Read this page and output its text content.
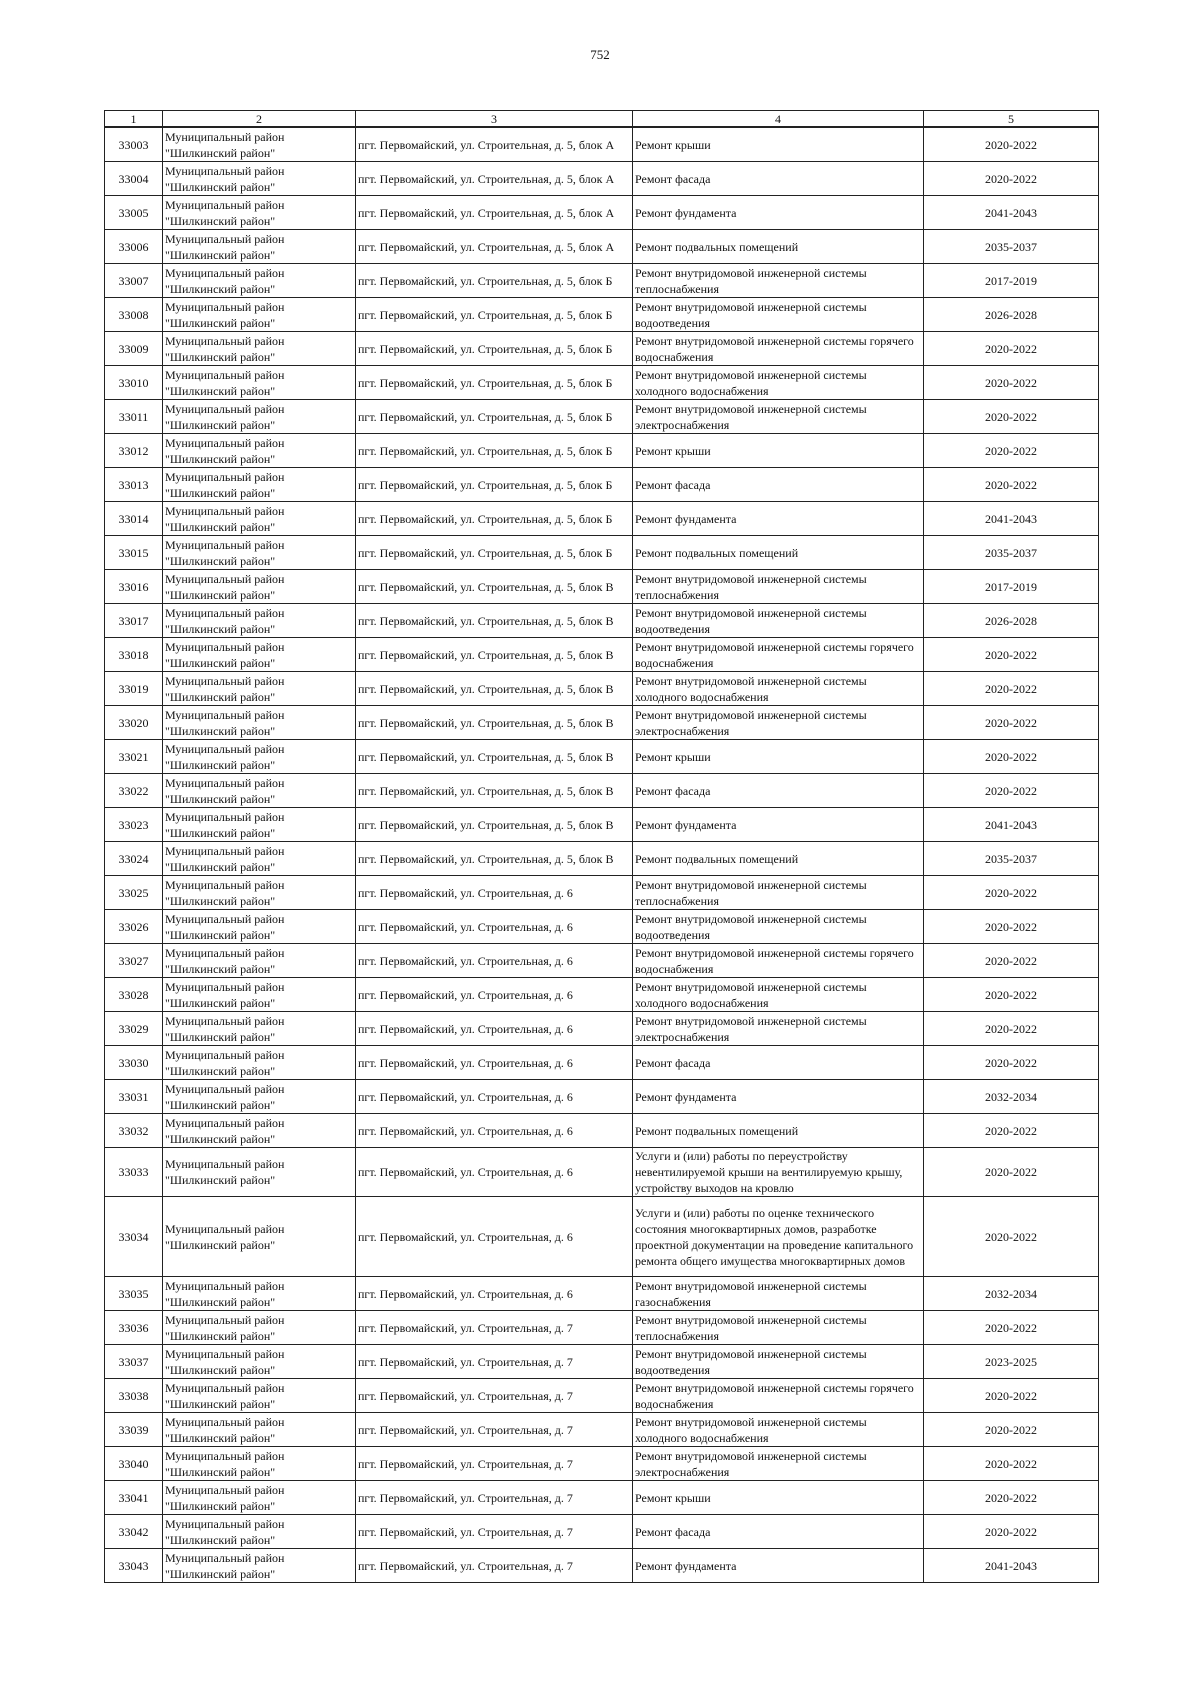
752
1	2	3	4	5
33003	Муниципальный район "Шилкинский район"	пгт. Первомайский, ул. Строительная, д. 5, блок А	Ремонт крыши	2020-2022
33004	Муниципальный район "Шилкинский район"	пгт. Первомайский, ул. Строительная, д. 5, блок А	Ремонт фасада	2020-2022
33005	Муниципальный район "Шилкинский район"	пгт. Первомайский, ул. Строительная, д. 5, блок А	Ремонт фундамента	2041-2043
33006	Муниципальный район "Шилкинский район"	пгт. Первомайский, ул. Строительная, д. 5, блок А	Ремонт подвальных помещений	2035-2037
33007	Муниципальный район "Шилкинский район"	пгт. Первомайский, ул. Строительная, д. 5, блок Б	Ремонт внутридомовой инженерной системы теплоснабжения	2017-2019
33008	Муниципальный район "Шилкинский район"	пгт. Первомайский, ул. Строительная, д. 5, блок Б	Ремонт внутридомовой инженерной системы водоотведения	2026-2028
33009	Муниципальный район "Шилкинский район"	пгт. Первомайский, ул. Строительная, д. 5, блок Б	Ремонт внутридомовой инженерной системы горячего водоснабжения	2020-2022
33010	Муниципальный район "Шилкинский район"	пгт. Первомайский, ул. Строительная, д. 5, блок Б	Ремонт внутридомовой инженерной системы холодного водоснабжения	2020-2022
33011	Муниципальный район "Шилкинский район"	пгт. Первомайский, ул. Строительная, д. 5, блок Б	Ремонт внутридомовой инженерной системы электроснабжения	2020-2022
33012	Муниципальный район "Шилкинский район"	пгт. Первомайский, ул. Строительная, д. 5, блок Б	Ремонт крыши	2020-2022
33013	Муниципальный район "Шилкинский район"	пгт. Первомайский, ул. Строительная, д. 5, блок Б	Ремонт фасада	2020-2022
33014	Муниципальный район "Шилкинский район"	пгт. Первомайский, ул. Строительная, д. 5, блок Б	Ремонт фундамента	2041-2043
33015	Муниципальный район "Шилкинский район"	пгт. Первомайский, ул. Строительная, д. 5, блок Б	Ремонт подвальных помещений	2035-2037
33016	Муниципальный район "Шилкинский район"	пгт. Первомайский, ул. Строительная, д. 5, блок В	Ремонт внутридомовой инженерной системы теплоснабжения	2017-2019
33017	Муниципальный район "Шилкинский район"	пгт. Первомайский, ул. Строительная, д. 5, блок В	Ремонт внутридомовой инженерной системы водоотведения	2026-2028
33018	Муниципальный район "Шилкинский район"	пгт. Первомайский, ул. Строительная, д. 5, блок В	Ремонт внутридомовой инженерной системы горячего водоснабжения	2020-2022
33019	Муниципальный район "Шилкинский район"	пгт. Первомайский, ул. Строительная, д. 5, блок В	Ремонт внутридомовой инженерной системы холодного водоснабжения	2020-2022
33020	Муниципальный район "Шилкинский район"	пгт. Первомайский, ул. Строительная, д. 5, блок В	Ремонт внутридомовой инженерной системы электроснабжения	2020-2022
33021	Муниципальный район "Шилкинский район"	пгт. Первомайский, ул. Строительная, д. 5, блок В	Ремонт крыши	2020-2022
33022	Муниципальный район "Шилкинский район"	пгт. Первомайский, ул. Строительная, д. 5, блок В	Ремонт фасада	2020-2022
33023	Муниципальный район "Шилкинский район"	пгт. Первомайский, ул. Строительная, д. 5, блок В	Ремонт фундамента	2041-2043
33024	Муниципальный район "Шилкинский район"	пгт. Первомайский, ул. Строительная, д. 5, блок В	Ремонт подвальных помещений	2035-2037
33025	Муниципальный район "Шилкинский район"	пгт. Первомайский, ул. Строительная, д. 6	Ремонт внутридомовой инженерной системы теплоснабжения	2020-2022
33026	Муниципальный район "Шилкинский район"	пгт. Первомайский, ул. Строительная, д. 6	Ремонт внутридомовой инженерной системы водоотведения	2020-2022
33027	Муниципальный район "Шилкинский район"	пгт. Первомайский, ул. Строительная, д. 6	Ремонт внутридомовой инженерной системы горячего водоснабжения	2020-2022
33028	Муниципальный район "Шилкинский район"	пгт. Первомайский, ул. Строительная, д. 6	Ремонт внутридомовой инженерной системы холодного водоснабжения	2020-2022
33029	Муниципальный район "Шилкинский район"	пгт. Первомайский, ул. Строительная, д. 6	Ремонт внутридомовой инженерной системы электроснабжения	2020-2022
33030	Муниципальный район "Шилкинский район"	пгт. Первомайский, ул. Строительная, д. 6	Ремонт фасада	2020-2022
33031	Муниципальный район "Шилкинский район"	пгт. Первомайский, ул. Строительная, д. 6	Ремонт фундамента	2032-2034
33032	Муниципальный район "Шилкинский район"	пгт. Первомайский, ул. Строительная, д. 6	Ремонт подвальных помещений	2020-2022
33033	Муниципальный район "Шилкинский район"	пгт. Первомайский, ул. Строительная, д. 6	Услуги и (или) работы по переустройству невентилируемой крыши на вентилируемую крышу, устройству выходов на кровлю	2020-2022
33034	Муниципальный район "Шилкинский район"	пгт. Первомайский, ул. Строительная, д. 6	Услуги и (или) работы по оценке технического состояния многоквартирных домов, разработке проектной документации на проведение капитального ремонта общего имущества многоквартирных домов	2020-2022
33035	Муниципальный район "Шилкинский район"	пгт. Первомайский, ул. Строительная, д. 6	Ремонт внутридомовой инженерной системы газоснабжения	2032-2034
33036	Муниципальный район "Шилкинский район"	пгт. Первомайский, ул. Строительная, д. 7	Ремонт внутридомовой инженерной системы теплоснабжения	2020-2022
33037	Муниципальный район "Шилкинский район"	пгт. Первомайский, ул. Строительная, д. 7	Ремонт внутридомовой инженерной системы водоотведения	2023-2025
33038	Муниципальный район "Шилкинский район"	пгт. Первомайский, ул. Строительная, д. 7	Ремонт внутридомовой инженерной системы горячего водоснабжения	2020-2022
33039	Муниципальный район "Шилкинский район"	пгт. Первомайский, ул. Строительная, д. 7	Ремонт внутридомовой инженерной системы холодного водоснабжения	2020-2022
33040	Муниципальный район "Шилкинский район"	пгт. Первомайский, ул. Строительная, д. 7	Ремонт внутридомовой инженерной системы электроснабжения	2020-2022
33041	Муниципальный район "Шилкинский район"	пгт. Первомайский, ул. Строительная, д. 7	Ремонт крыши	2020-2022
33042	Муниципальный район "Шилкинский район"	пгт. Первомайский, ул. Строительная, д. 7	Ремонт фасада	2020-2022
33043	Муниципальный район "Шилкинский район"	пгт. Первомайский, ул. Строительная, д. 7	Ремонт фундамента	2041-2043
